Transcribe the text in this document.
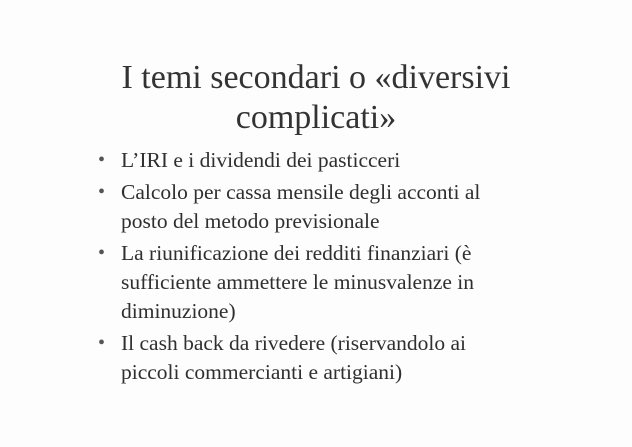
I temi secondari o «diversivi
complicati»
• L’IRI e i dividendi dei pasticceri
• Calcolo per cassa mensile degli acconti al
posto del metodo previsionale
• La riunificazione dei redditi finanziari (è
sufficiente ammettere le minusvalenze in
diminuzione)
• Il cash back da rivedere (riservandolo ai
piccoli commercianti e artigiani)
